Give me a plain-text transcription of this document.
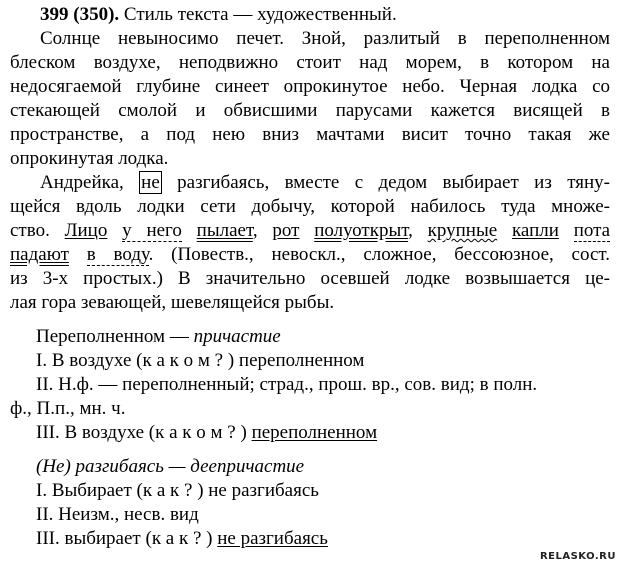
399 (350). Стиль текста — художественный.
Солнце невыносимо печет. Зной, разлитый в переполненном
блеском воздухе, неподвижно стоит над морем, в котором на
недосягаемой глубине синеет опрокинутое небо. Черная лодка со
стекающей смолой и обвисшими парусами кажется висящей в
пространстве, а под нею вниз мачтами висит точно такая же
опрокинутая лодка.
Андрейка, не разгибаясь, вместе с дедом выбирает из тяну-
щейся вдоль лодки сети добычу, которой набилось туда множе-
ство. Лицо у него пылает, рот полуоткрыт, крупные капли пота
падают в воду. (Повеств., невоскл., сложное, бессоюзное, сост.
из 3-х простых.) В значительно осевшей лодке возвышается це-
лая гора зевающей, шевелящейся рыбы.
Переполненном — причастие
I. В воздухе (к а к о м ? ) переполненном
II. Н.ф. — переполненный; страд., прош. вр., сов. вид; в полн.
ф., П.п., мн. ч.
III. В воздухе (к а к о м ? ) переполненном
(Не) разгибаясь — деепричастие
I. Выбирает (к а к ? ) не разгибаясь
II. Неизм., несв. вид
III. выбирает (к а к ? ) не разгибаясь
RELASKO.RU
